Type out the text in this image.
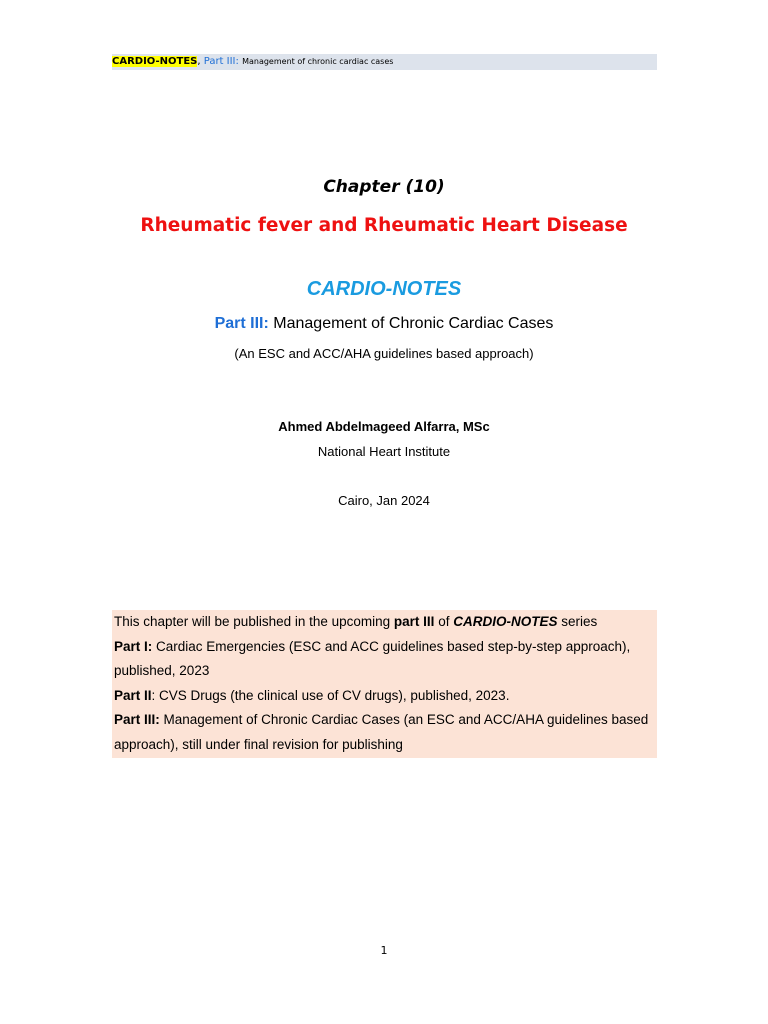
CARDIO-NOTES, Part III: Management of chronic cardiac cases
Chapter (10)
Rheumatic fever and Rheumatic Heart Disease
CARDIO-NOTES
Part III: Management of Chronic Cardiac Cases
(An ESC and ACC/AHA guidelines based approach)
Ahmed Abdelmageed Alfarra, MSc
National Heart Institute
Cairo, Jan 2024

This chapter will be published in the upcoming part III of CARDIO-NOTES series

Part I: Cardiac Emergencies (ESC and ACC guidelines based step-by-step approach), published, 2023

Part II: CVS Drugs (the clinical use of CV drugs), published, 2023.

Part III: Management of Chronic Cardiac Cases (an ESC and ACC/AHA guidelines based approach), still under final revision for publishing

1
